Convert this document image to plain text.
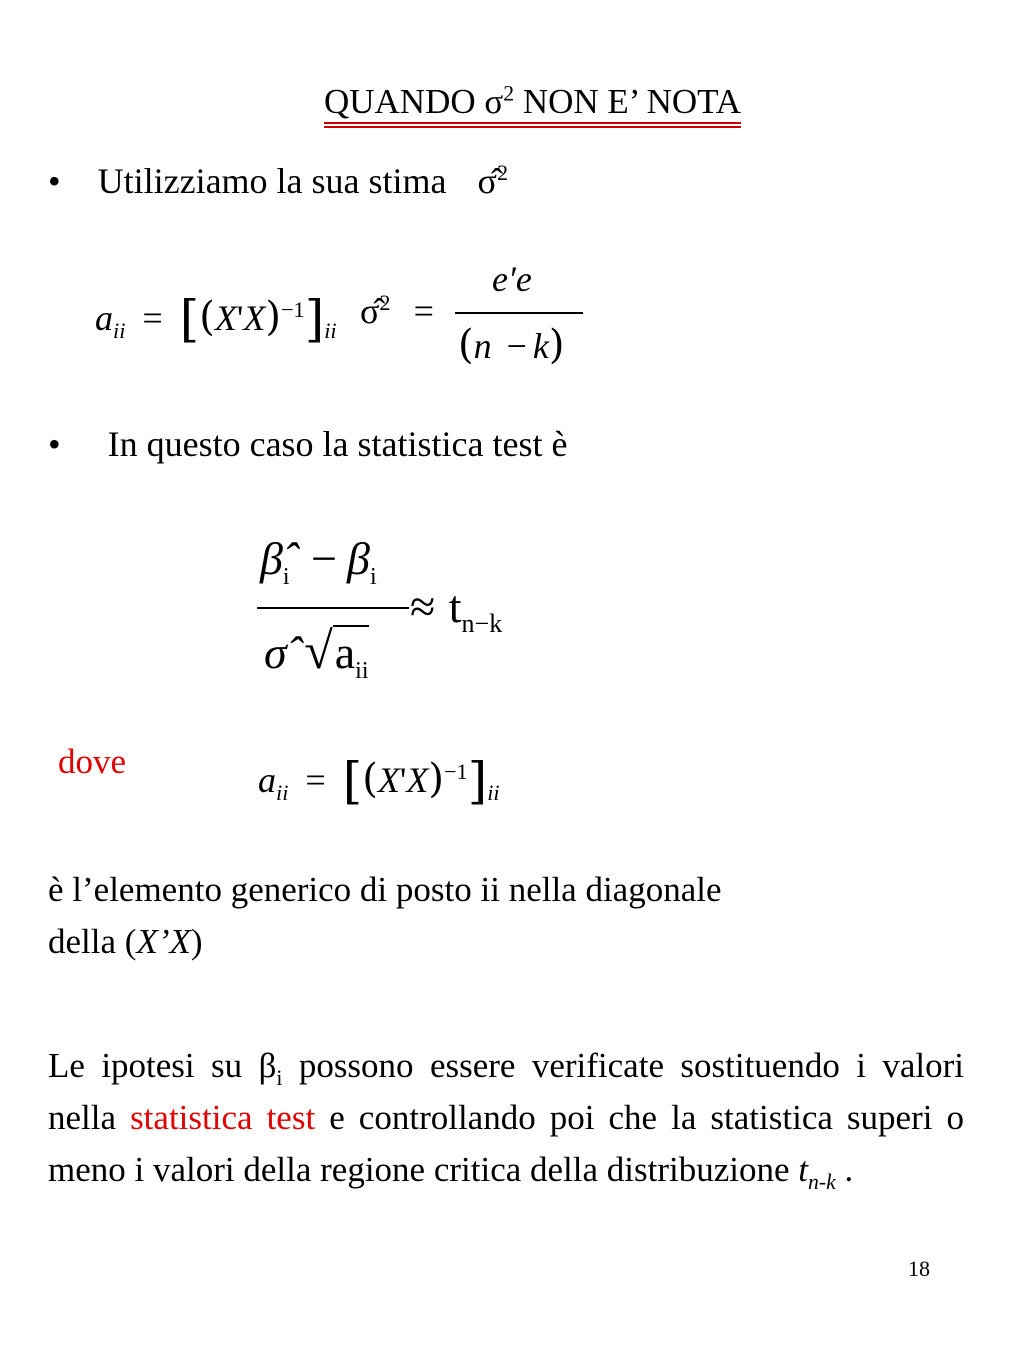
QUANDO $\sigma^2$ NON E’ NOTA
• Utilizziamo la sua stima σ̂$^2$
$a_{ii} = [(X'X)^{-1}]_{ii}$ σ̂$^2$ =
e′e
(n − k)
• In questo caso la statistica test è
$\betâ_i - \beta_i$
σ̂ $√a_{ii}$
≈ $t_{n-k}$
dove	$a_{ii} = [(X'X)^{-1}]_{ii}$
è l’elemento generico di posto ii nella diagonale
della (X’X)
Le ipotesi su $\beta_i$ possono essere verificate sostituendo i valori nella statistica test e controllando poi che la statistica superi o meno i valori della regione critica della distribuzione $t_{n-k}$ .
18
